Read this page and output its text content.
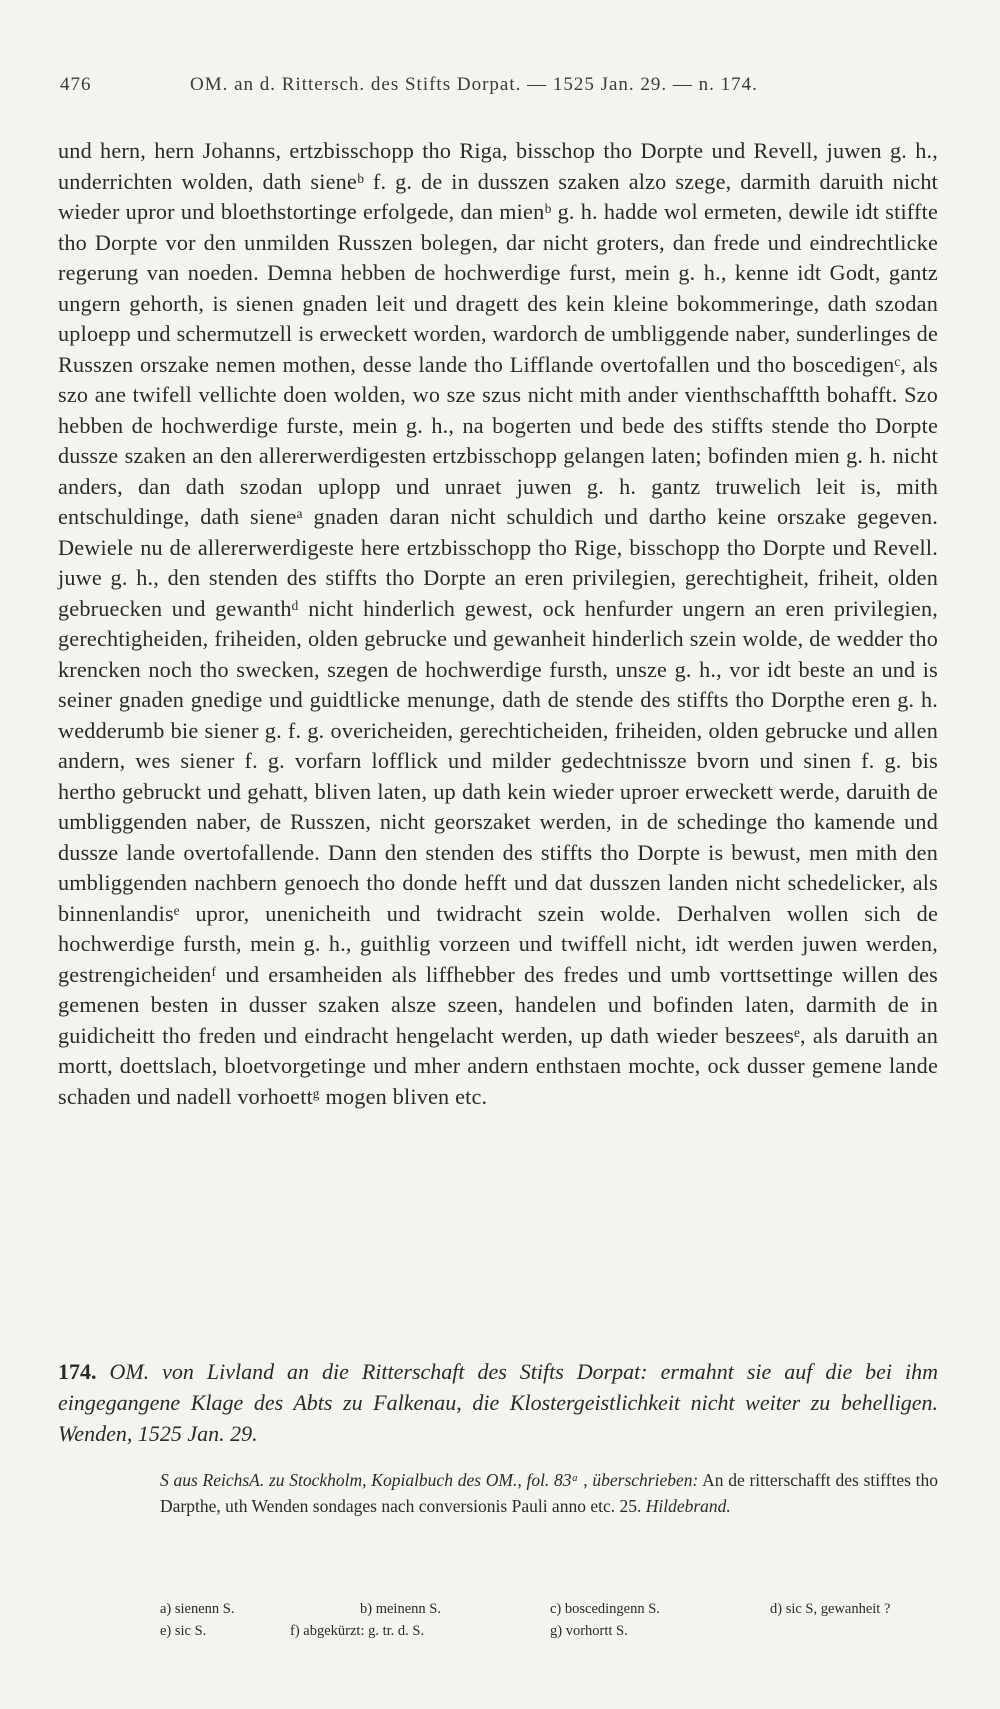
476	OM. an d. Rittersch. des Stifts Dorpat. — 1525 Jan. 29. — n. 174.

und hern, hern Johanns, ertzbisschopp tho Riga, bisschop tho Dorpte und Revell, juwen g. h., underrichten wolden, dath sieneᵇ f. g. de in dusszen szaken alzo szege, darmith daruith nicht wieder upror und bloethstortinge erfolgede, dan mienᵇ g. h. hadde wol ermeten, dewile idt stiffte tho Dorpte vor den unmilden Russzen bolegen, dar nicht groters, dan frede und eindrechtlicke regerung van noeden. Demna hebben de hochwerdige furst, mein g. h., kenne idt Godt, gantz ungern gehorth, is sienen gnaden leit und dragett des kein kleine bokommeringe, dath szodan uploepp und schermutzell is erweckett worden, wardorch de umbliggende naber, sunderlinges de Russzen orszake nemen mothen, desse lande tho Lifflande overtofallen und tho boscedigenᶜ, als szo ane twifell vellichte doen wolden, wo sze szus nicht mith ander vienthschafftth bohafft. Szo hebben de hochwerdige furste, mein g. h., na bogerten und bede des stiffts stende tho Dorpte dussze szaken an den allererwerdigesten ertzbisschopp gelangen laten; bofinden mien g. h. nicht anders, dan dath szodan uplopp und unraet juwen g. h. gantz truwelich leit is, mith entschuldinge, dath sieneᵃ gnaden daran nicht schuldich und dartho keine orszake gegeven. Dewiele nu de allererwerdigeste here ertzbisschopp tho Rige, bisschopp tho Dorpte und Revell. juwe g. h., den stenden des stiffts tho Dorpte an eren privilegien, gerechtigheit, friheit, olden gebruecken und gewanthᵈ nicht hinderlich gewest, ock henfurder ungern an eren privilegien, gerechtigheiden, friheiden, olden gebrucke und gewanheit hinderlich szein wolde, de wedder tho krencken noch tho swecken, szegen de hochwerdige fursth, unsze g. h., vor idt beste an und is seiner gnaden gnedige und guidtlicke menunge, dath de stende des stiffts tho Dorpthe eren g. h. wedderumb bie siener g. f. g. overicheiden, gerechticheiden, friheiden, olden gebrucke und allen andern, wes siener f. g. vorfarn lofflick und milder gedechtnissze bvorn und sinen f. g. bis hertho gebruckt und gehatt, bliven laten, up dath kein wieder uproer erweckett werde, daruith de umbliggenden naber, de Russzen, nicht georszaket werden, in de schedinge tho kamende und dussze lande overtofallende. Dann den stenden des stiffts tho Dorpte is bewust, men mith den umbliggenden nachbern genoech tho donde hefft und dat dusszen landen nicht schedelicker, als binnenlandisᵉ upror, unenicheith und twidracht szein wolde. Derhalven wollen sich de hochwerdige fursth, mein g. h., guithlig vorzeen und twiffell nicht, idt werden juwen werden, gestrengicheidenᶠ und ersamheiden als liffhebber des fredes und umb vorttsettinge willen des gemenen besten in dusser szaken alsze szeen, handelen und bofinden laten, darmith de in guidicheitt tho freden und eindracht hengelacht werden, up dath wieder beszeesᵉ, als daruith an mortt, doettslach, bloetvorgetinge und mher andern enthstaen mochte, ock dusser gemene lande schaden und nadell vorhoettᵍ mogen bliven etc.

174. OM. von Livland an die Ritterschaft des Stifts Dorpat: ermahnt sie auf die bei ihm eingegangene Klage des Abts zu Falkenau, die Klostergeistlichkeit nicht weiter zu behelligen. Wenden, 1525 Jan. 29.
S aus ReichsA. zu Stockholm, Kopialbuch des OM., fol. 83ᵃ , überschrieben: An de ritterschafft des stifftes tho Darpthe, uth Wenden sondages nach conversionis Pauli anno etc. 25. Hildebrand.
a) sienenn S.	b) meinenn S.	c) boscedingenn S.	d) sic S, gewanheit ?
e) sic S.	f) abgekürzt: g. tr. d. S.	g) vorhortt S.
